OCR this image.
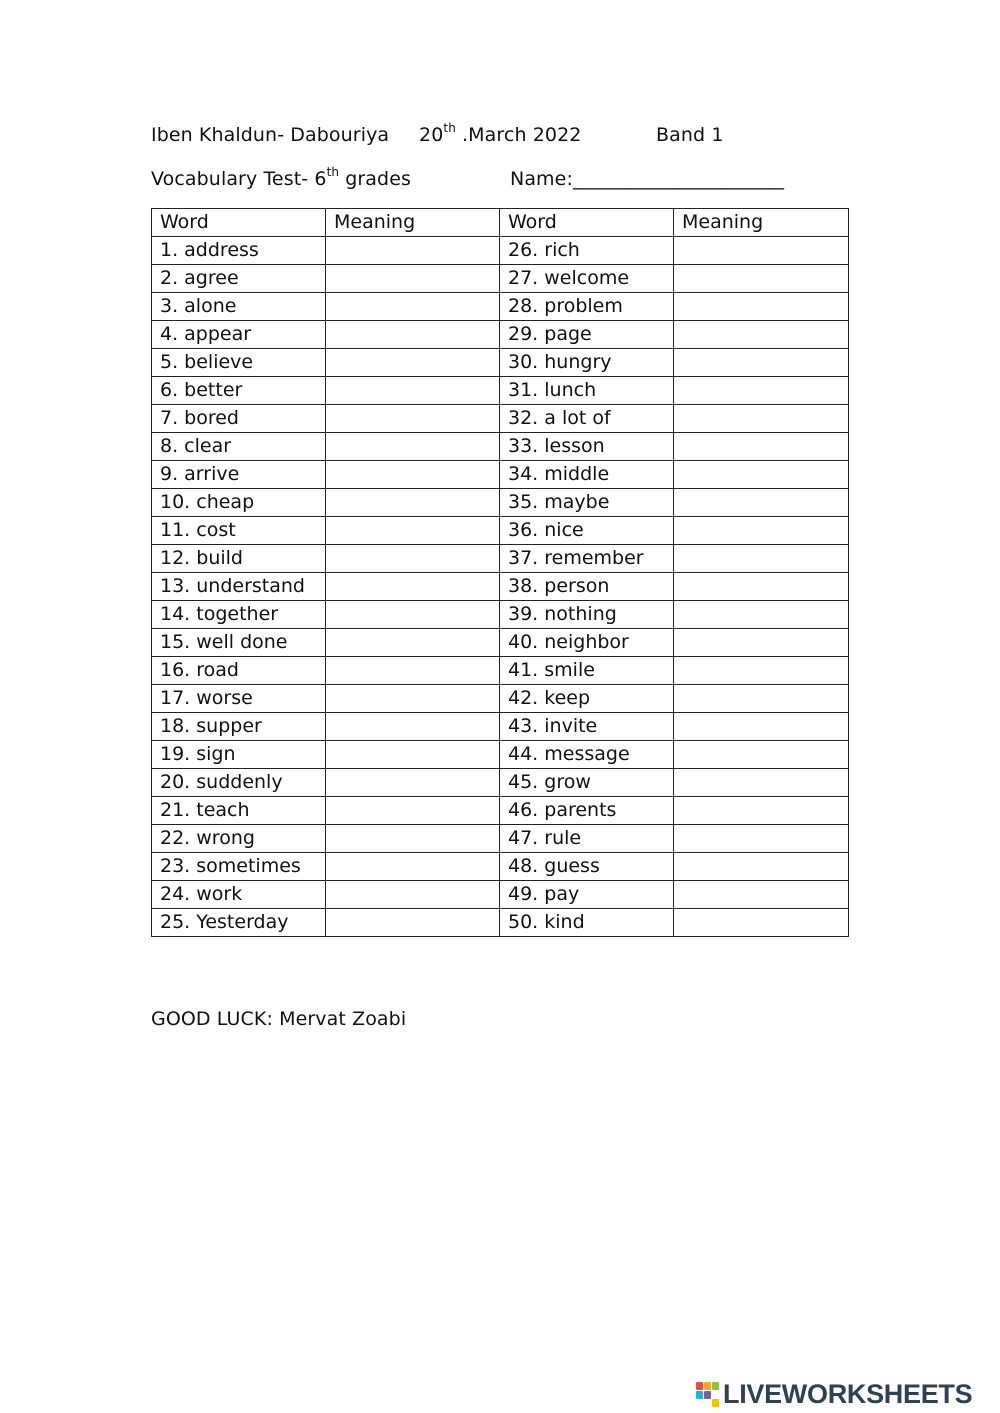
Iben Khaldun- Dabouriya 20th .March 2022	Band 1
Vocabulary Test- 6th grades	Name:______________________
Word	Meaning	Word	Meaning
1. address		26. rich	
2. agree		27. welcome	
3. alone		28. problem	
4. appear		29. page	
5. believe		30. hungry	
6. better		31. lunch	
7. bored		32. a lot of	
8. clear		33. lesson	
9. arrive		34. middle	
10. cheap		35. maybe	
11. cost		36. nice	
12. build		37. remember	
13. understand		38. person	
14. together		39. nothing	
15. well done		40. neighbor	
16. road		41. smile	
17. worse		42. keep	
18. supper		43. invite	
19. sign		44. message	
20. suddenly		45. grow	
21. teach		46. parents	
22. wrong		47. rule	
23. sometimes		48. guess	
24. work		49. pay	
25. Yesterday		50. kind	
GOOD LUCK: Mervat Zoabi
LIVEWORKSHEETS
